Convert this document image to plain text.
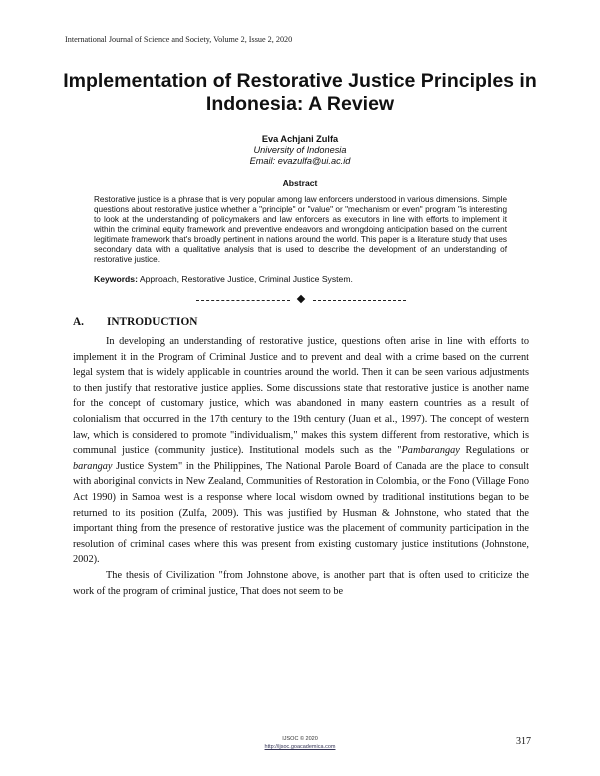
International Journal of Science and Society, Volume 2, Issue 2, 2020
Implementation of Restorative Justice Principles in Indonesia: A Review
Eva Achjani Zulfa
University of Indonesia
Email: evazulfa@ui.ac.id
Abstract

Restorative justice is a phrase that is very popular among law enforcers understood in various dimensions. Simple questions about restorative justice whether a "principle" or "value" or "mechanism or even" program "is interesting to look at the understanding of policymakers and law enforcers as executors in line with efforts to implement it within the criminal equity framework and preventive endeavors and wrongdoing anticipation based on the current legitimate framework that's broadly pertinent in nations around the world. This paper is a literature study that uses secondary data with a qualitative analysis that is used to describe the development of an understanding of restorative justice.

Keywords: Approach, Restorative Justice, Criminal Justice System.
A. INTRODUCTION

In developing an understanding of restorative justice, questions often arise in line with efforts to implement it in the Program of Criminal Justice and to prevent and deal with a crime based on the current legal system that is widely applicable in countries around the world. Then it can be seen various adjustments to then justify that restorative justice applies. Some discussions state that restorative justice is another name for the concept of customary justice, which was abandoned in many eastern countries as a result of colonialism that occurred in the 17th century to the 19th century (Juan et al., 1997). The concept of western law, which is considered to promote "individualism," makes this system different from restorative, which is communal justice (community justice). Institutional models such as the "Pambarangay Regulations or barangay Justice System" in the Philippines, The National Parole Board of Canada are the place to consult with aboriginal convicts in New Zealand, Communities of Restoration in Colombia, or the Fono (Village Fono Act 1990) in Samoa west is a response where local wisdom owned by traditional institutions began to be returned to its position (Zulfa, 2009). This was justified by Husman & Johnstone, who stated that the important thing from the presence of restorative justice was the placement of community participation in the resolution of criminal cases where this was present from existing customary justice institutions (Johnstone, 2002).

The thesis of Civilization "from Johnstone above, is another part that is often used to criticize the work of the program of criminal justice, That does not seem to be

IJSOC © 2020
http://ijsoc.goacademica.com	317
